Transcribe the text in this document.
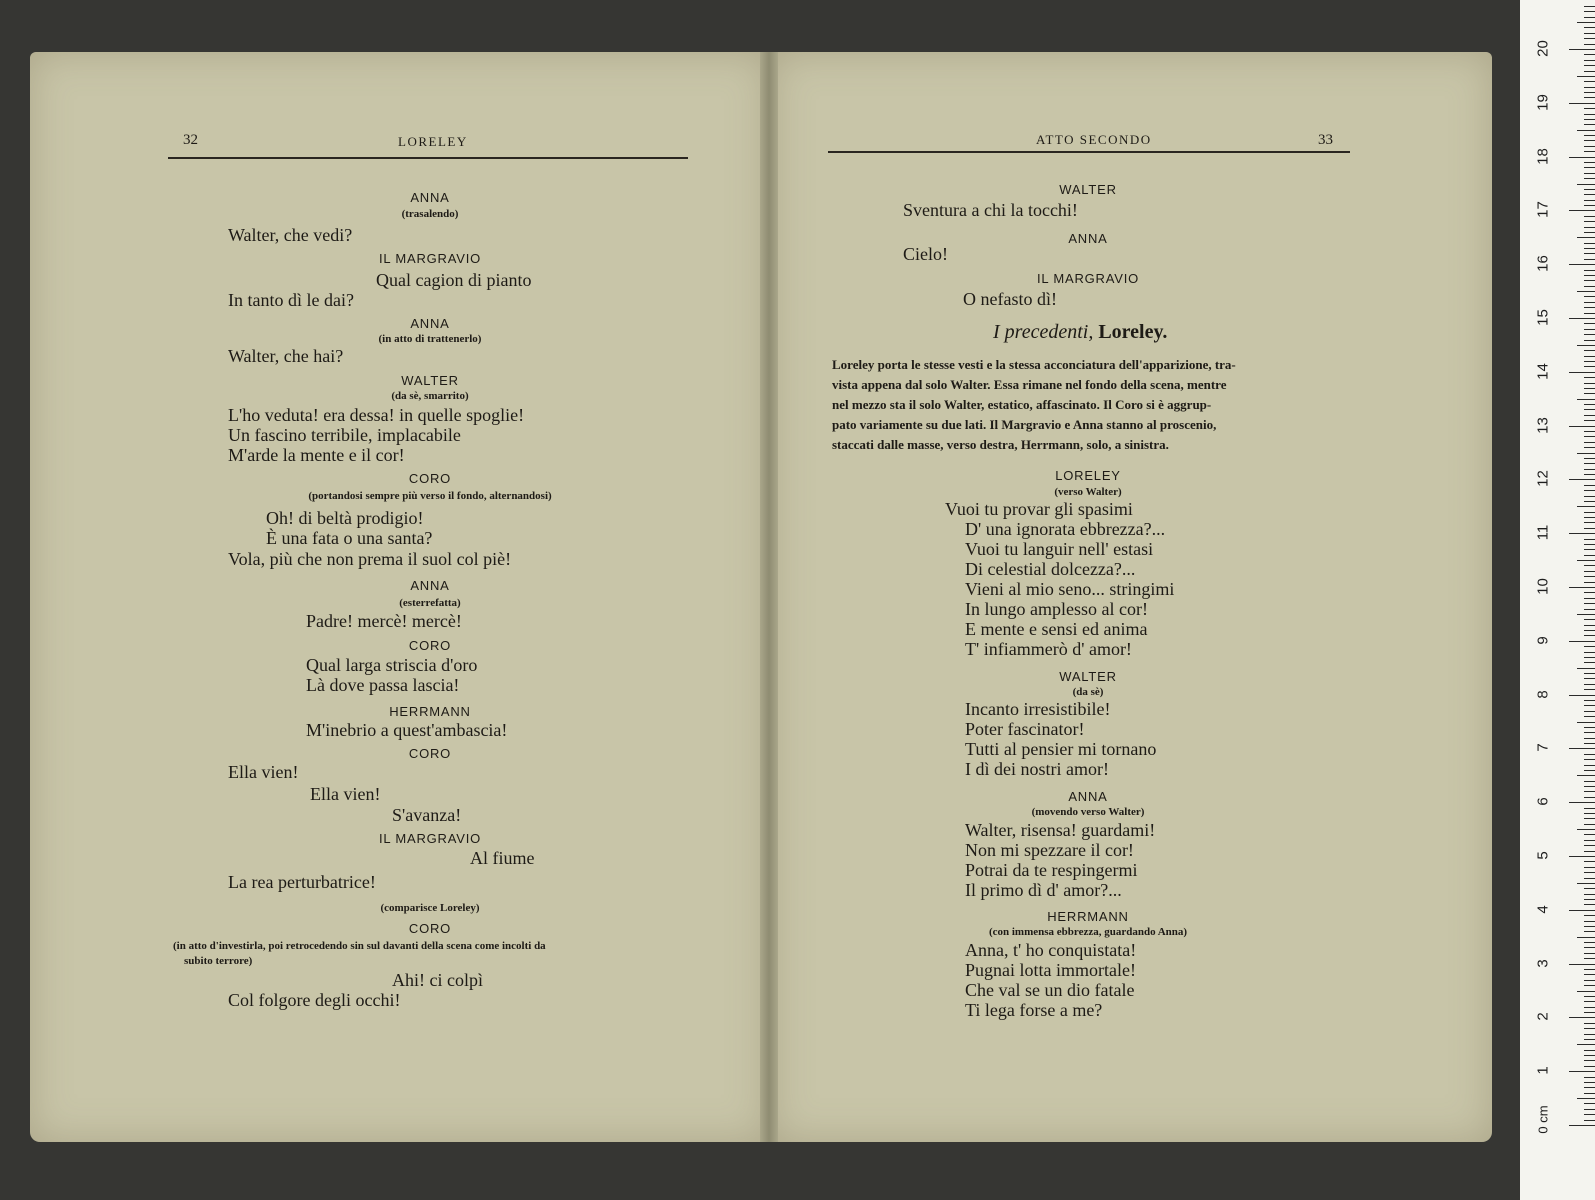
32	LORELEY	ATTO SECONDO	33
ANNA
(trasalendo)
Walter, che vedi?
IL MARGRAVIO
Qual cagion di pianto
In tanto dì le dai?
ANNA
(in atto di trattenerlo)
Walter, che hai?
WALTER
(da sè, smarrito)
L'ho veduta! era dessa! in quelle spoglie!
Un fascino terribile, implacabile
M'arde la mente e il cor!
CORO
(portandosi sempre più verso il fondo, alternandosi)
Oh! di beltà prodigio!
È una fata o una santa?
Vola, più che non prema il suol col piè!
ANNA
(esterrefatta)
Padre! mercè! mercè!
CORO
Qual larga striscia d'oro
Là dove passa lascia!
HERRMANN
M'inebrio a quest'ambascia!
CORO
Ella vien!
Ella vien!
S'avanza!
IL MARGRAVIO
Al fiume
La rea perturbatrice!
(comparisce Loreley)
CORO
(in atto d'investirla, poi retrocedendo sin sul davanti della scena come incolti da
subito terrore)
Ahi! ci colpì
Col folgore degli occhi!
WALTER
Sventura a chi la tocchi!
ANNA
Cielo!
IL MARGRAVIO
O nefasto dì!
LORELEY
(verso Walter)
Vuoi tu provar gli spasimi
D' una ignorata ebbrezza?...
Vuoi tu languir nell' estasi
Di celestial dolcezza?...
Vieni al mio seno... stringimi
In lungo amplesso al cor!
E mente e sensi ed anima
T' infiammerò d' amor!
WALTER
(da sè)
Incanto irresistibile!
Poter fascinator!
Tutti al pensier mi tornano
I dì dei nostri amor!
ANNA
(movendo verso Walter)
Walter, risensa! guardami!
Non mi spezzare il cor!
Potrai da te respingermi
Il primo dì d' amor?...
HERRMANN
(con immensa ebbrezza, guardando Anna)
Anna, t' ho conquistata!
Pugnai lotta immortale!
Che val se un dio fatale
Ti lega forse a me?
I precedenti, Loreley.
Loreley porta le stesse vesti e la stessa acconciatura dell'apparizione, tra-
vista appena dal solo Walter. Essa rimane nel fondo della scena, mentre
nel mezzo sta il solo Walter, estatico, affascinato. Il Coro si è aggrup-
pato variamente su due lati. Il Margravio e Anna stanno al proscenio,
staccati dalle masse, verso destra, Herrmann, solo, a sinistra.
1
2
3
4
5
6
7
8
9
10
11
12
13
14
15
16
17
18
19
20
0 cm
